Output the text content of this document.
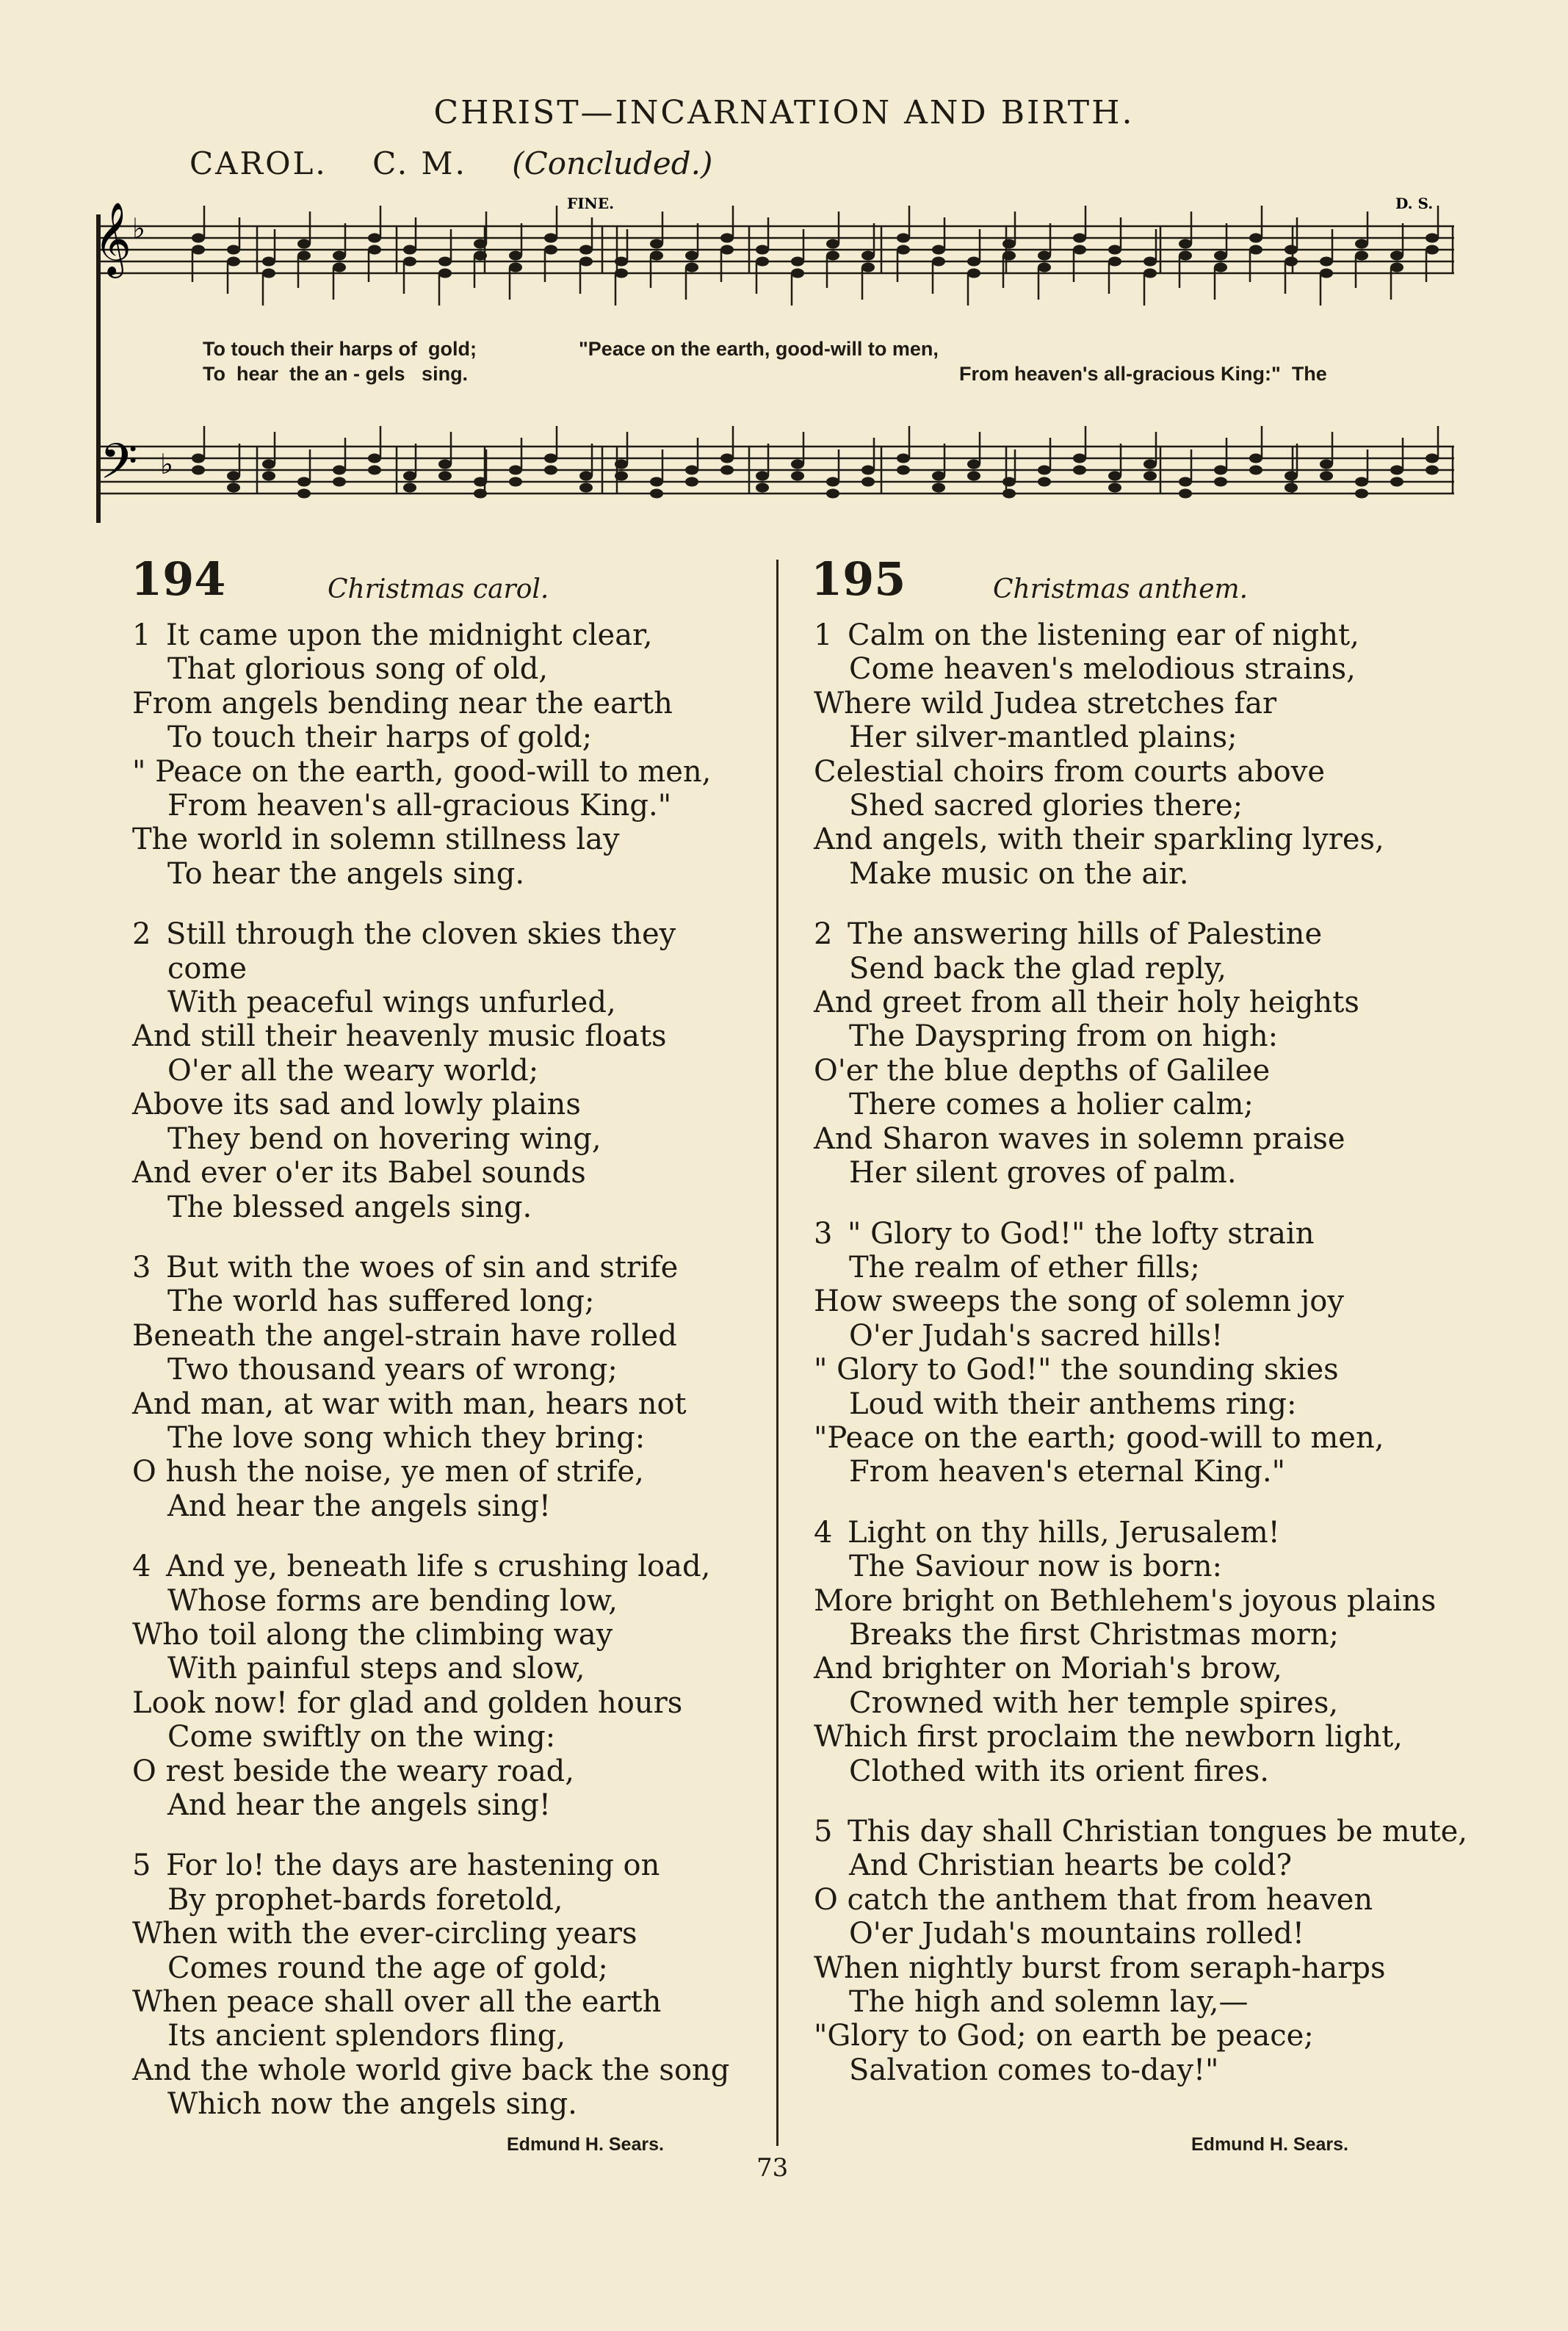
CHRIST—INCARNATION AND BIRTH.
CAROL. C. M. (Concluded.)
𝄞
𝄢
♭
♭
FINE.	D. S.
To touch their harps of  gold;	"Peace on the earth, good-will to men,
To  hear  the an - gels   sing.	From heaven's all-gracious King:"  The
194	Christmas carol.
1 It came upon the midnight clear,
That glorious song of old,
From angels bending near the earth
To touch their harps of gold;
" Peace on the earth, good-will to men,
From heaven's all-gracious King."
The world in solemn stillness lay
To hear the angels sing.
2 Still through the cloven skies they
come
With peaceful wings unfurled,
And still their heavenly music floats
O'er all the weary world;
Above its sad and lowly plains
They bend on hovering wing,
And ever o'er its Babel sounds
The blessed angels sing.
3 But with the woes of sin and strife
The world has suffered long;
Beneath the angel-strain have rolled
Two thousand years of wrong;
And man, at war with man, hears not
The love song which they bring:
O hush the noise, ye men of strife,
And hear the angels sing!
4 And ye, beneath life s crushing load,
Whose forms are bending low,
Who toil along the climbing way
With painful steps and slow,
Look now! for glad and golden hours
Come swiftly on the wing:
O rest beside the weary road,
And hear the angels sing!
5 For lo! the days are hastening on
By prophet-bards foretold,
When with the ever-circling years
Comes round the age of gold;
When peace shall over all the earth
Its ancient splendors fling,
And the whole world give back the song
Which now the angels sing.
Edmund H. Sears.
195	Christmas anthem.
1 Calm on the listening ear of night,
Come heaven's melodious strains,
Where wild Judea stretches far
Her silver-mantled plains;
Celestial choirs from courts above
Shed sacred glories there;
And angels, with their sparkling lyres,
Make music on the air.
2 The answering hills of Palestine
Send back the glad reply,
And greet from all their holy heights
The Dayspring from on high:
O'er the blue depths of Galilee
There comes a holier calm;
And Sharon waves in solemn praise
Her silent groves of palm.
3 " Glory to God!" the lofty strain
The realm of ether fills;
How sweeps the song of solemn joy
O'er Judah's sacred hills!
" Glory to God!" the sounding skies
Loud with their anthems ring:
"Peace on the earth; good-will to men,
From heaven's eternal King."
4 Light on thy hills, Jerusalem!
The Saviour now is born:
More bright on Bethlehem's joyous plains
Breaks the first Christmas morn;
And brighter on Moriah's brow,
Crowned with her temple spires,
Which first proclaim the newborn light,
Clothed with its orient fires.
5 This day shall Christian tongues be mute,
And Christian hearts be cold?
O catch the anthem that from heaven
O'er Judah's mountains rolled!
When nightly burst from seraph-harps
The high and solemn lay,—
"Glory to God; on earth be peace;
Salvation comes to-day!"
Edmund H. Sears.
73
